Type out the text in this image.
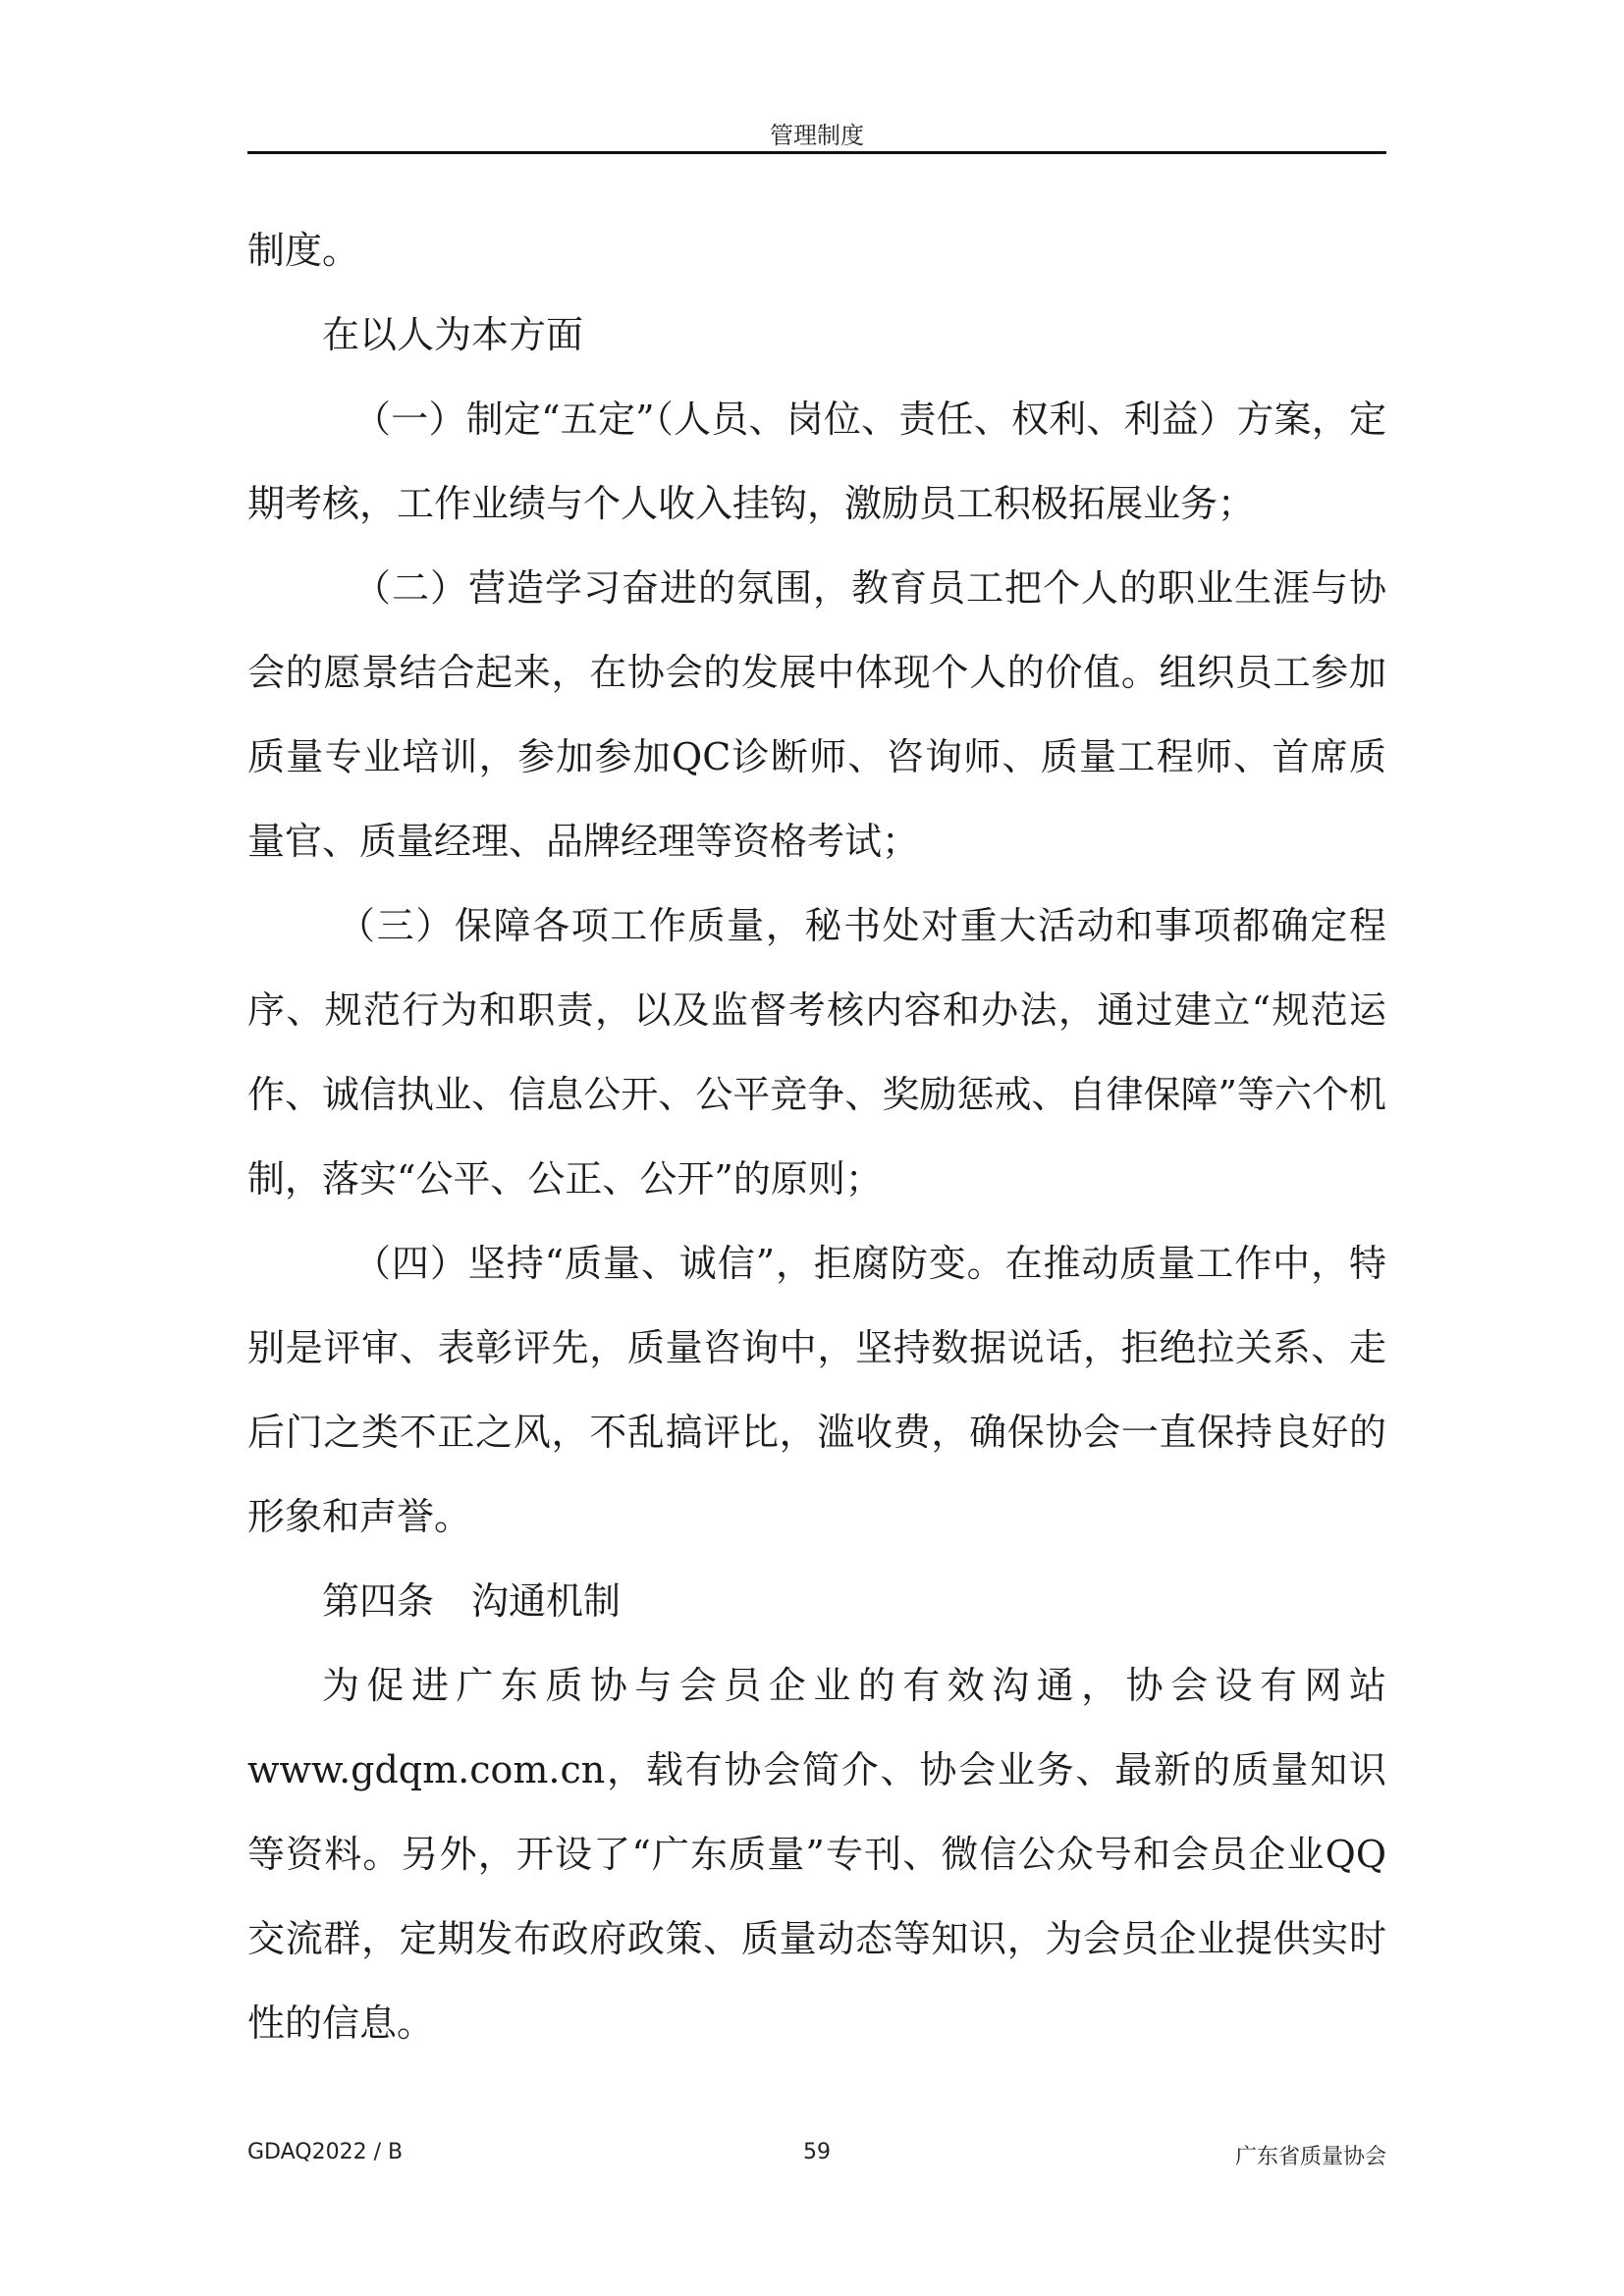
管理制度

制度。

在以人为本方面

（一）制定“五定”（人员、岗位、责任、权利、利益）方案，定期考核，工作业绩与个人收入挂钩，激励员工积极拓展业务；

（二）营造学习奋进的氛围，教育员工把个人的职业生涯与协会的愿景结合起来，在协会的发展中体现个人的价值。组织员工参加质量专业培训，参加参加QC诊断师、咨询师、质量工程师、首席质量官、质量经理、品牌经理等资格考试；

（三）保障各项工作质量，秘书处对重大活动和事项都确定程序、规范行为和职责，以及监督考核内容和办法，通过建立“规范运作、诚信执业、信息公开、公平竞争、奖励惩戒、自律保障”等六个机制，落实“公平、公正、公开”的原则；

（四）坚持“质量、诚信”，拒腐防变。在推动质量工作中，特别是评审、表彰评先，质量咨询中，坚持数据说话，拒绝拉关系、走后门之类不正之风，不乱搞评比，滥收费，确保协会一直保持良好的形象和声誉。

第四条　沟通机制

为促进广东质协与会员企业的有效沟通，协会设有网站www.gdqm.com.cn，载有协会简介、协会业务、最新的质量知识等资料。另外，开设了“广东质量”专刊、微信公众号和会员企业QQ交流群，定期发布政府政策、质量动态等知识，为会员企业提供实时性的信息。

GDAQ2022 / B	59	广东省质量协会
